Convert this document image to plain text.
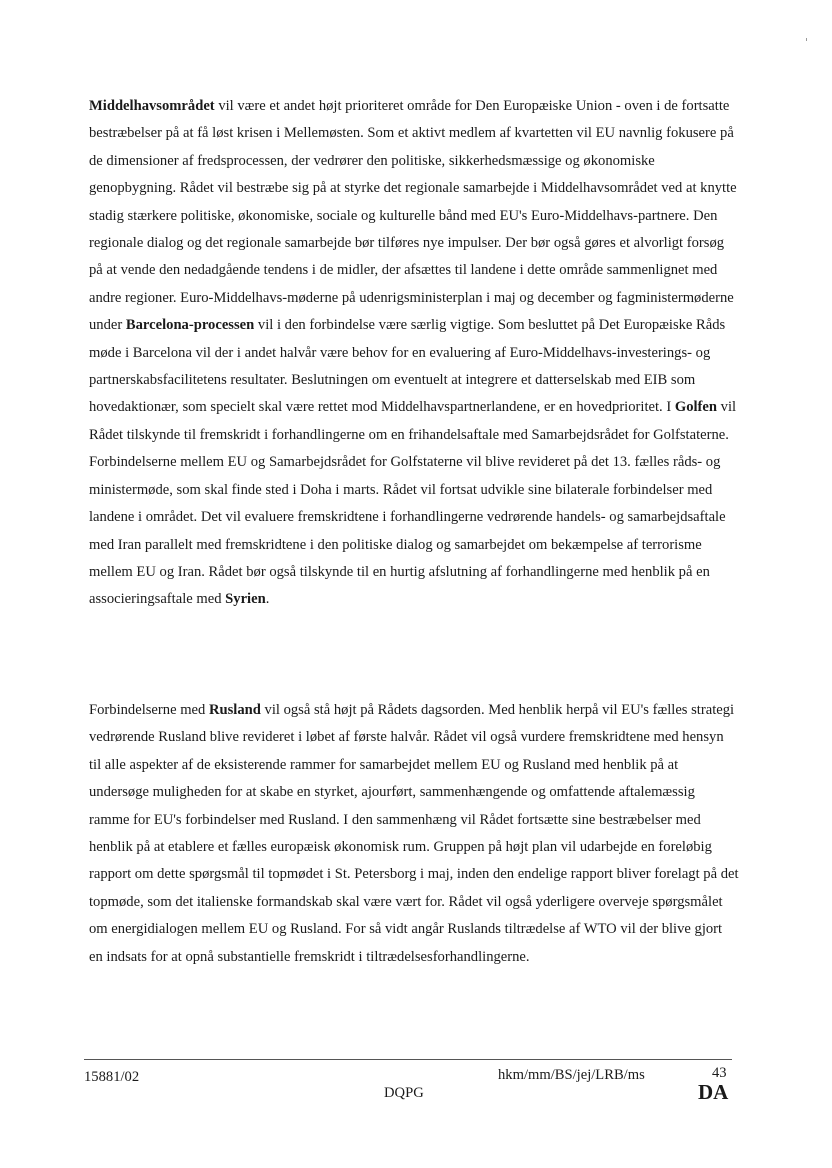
Middelhavsområdet vil være et andet højt prioriteret område for Den Europæiske Union - oven i de fortsatte bestræbelser på at få løst krisen i Mellemøsten. Som et aktivt medlem af kvartetten vil EU navnlig fokusere på de dimensioner af fredsprocessen, der vedrører den politiske, sikkerhedsmæssige og økonomiske genopbygning. Rådet vil bestræbe sig på at styrke det regionale samarbejde i Middelhavsområdet ved at knytte stadig stærkere politiske, økonomiske, sociale og kulturelle bånd med EU's Euro-Middelhavs-partnere. Den regionale dialog og det regionale samarbejde bør tilføres nye impulser. Der bør også gøres et alvorligt forsøg på at vende den nedadgående tendens i de midler, der afsættes til landene i dette område sammenlignet med andre regioner. Euro-Middelhavs-møderne på udenrigsministerplan i maj og december og fagministermøderne under Barcelona-processen vil i den forbindelse være særlig vigtige. Som besluttet på Det Europæiske Råds møde i Barcelona vil der i andet halvår være behov for en evaluering af Euro-Middelhavs-investerings- og partnerskabsfacilitetens resultater. Beslutningen om eventuelt at integrere et datterselskab med EIB som hovedaktionær, som specielt skal være rettet mod Middelhavspartnerlandene, er en hovedprioritet. I Golfen vil Rådet tilskynde til fremskridt i forhandlingerne om en frihandelsaftale med Samarbejdsrådet for Golfstaterne. Forbindelserne mellem EU og Samarbejdsrådet for Golfstaterne vil blive revideret på det 13. fælles råds- og ministermøde, som skal finde sted i Doha i marts. Rådet vil fortsat udvikle sine bilaterale forbindelser med landene i området. Det vil evaluere fremskridtene i forhandlingerne vedrørende handels- og samarbejdsaftale med Iran parallelt med fremskridtene i den politiske dialog og samarbejdet om bekæmpelse af terrorisme mellem EU og Iran. Rådet bør også tilskynde til en hurtig afslutning af forhandlingerne med henblik på en associeringsaftale med Syrien.

Forbindelserne med Rusland vil også stå højt på Rådets dagsorden. Med henblik herpå vil EU's fælles strategi vedrørende Rusland blive revideret i løbet af første halvår. Rådet vil også vurdere fremskridtene med hensyn til alle aspekter af de eksisterende rammer for samarbejdet mellem EU og Rusland med henblik på at undersøge muligheden for at skabe en styrket, ajourført, sammenhængende og omfattende aftalemæssig ramme for EU's forbindelser med Rusland. I den sammenhæng vil Rådet fortsætte sine bestræbelser med henblik på at etablere et fælles europæisk økonomisk rum. Gruppen på højt plan vil udarbejde en foreløbig rapport om dette spørgsmål til topmødet i St. Petersborg i maj, inden den endelige rapport bliver forelagt på det topmøde, som det italienske formandskab skal være vært for. Rådet vil også yderligere overveje spørgsmålet om energidialogen mellem EU og Rusland. For så vidt angår Ruslands tiltrædelse af WTO vil der blive gjort en indsats for at opnå substantielle fremskridt i tiltrædelsesforhandlingerne.

15881/02	hkm/mm/BS/jej/LRB/ms	43
DQPG	DA
